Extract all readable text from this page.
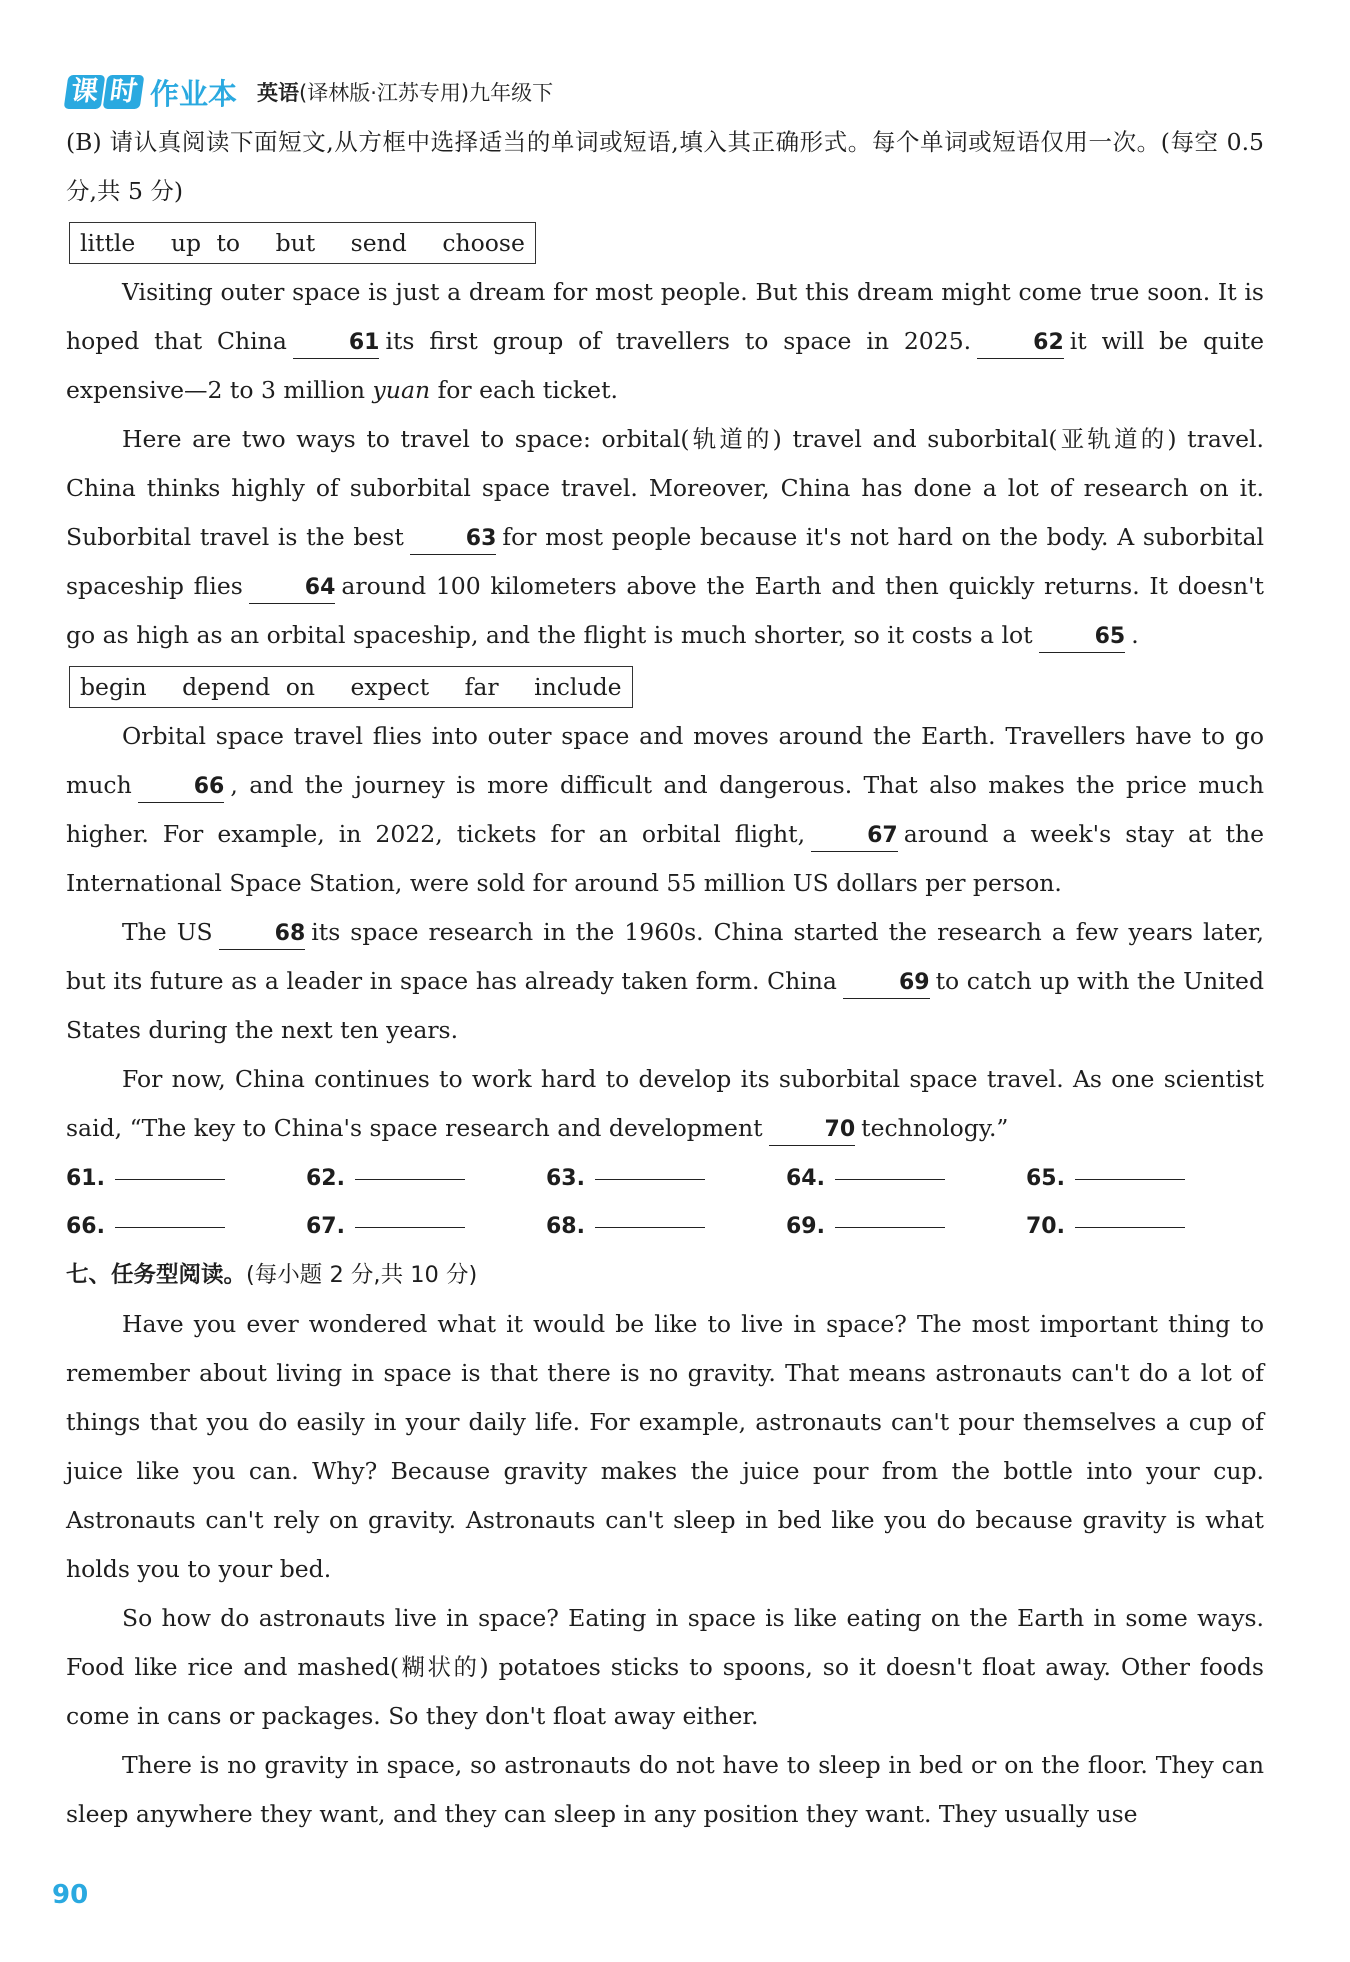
课 时 作业本 英语(译林版·江苏专用)九年级下

(B) 请认真阅读下面短文,从方框中选择适当的单词或短语,填入其正确形式。每个单词或短语仅用一次。(每空 0.5 分,共 5 分)

little up to but send choose

Visiting outer space is just a dream for most people. But this dream might come true soon. It is hoped that China	61 its first group of travellers to space in 2025.	62 it will be quite expensive—2 to 3 million yuan for each ticket.

Here are two ways to travel to space: orbital(轨道的) travel and suborbital(亚轨道的) travel. China thinks highly of suborbital space travel. Moreover, China has done a lot of research on it. Suborbital travel is the best	63 for most people because it's not hard on the body. A suborbital spaceship flies	64 around 100 kilometers above the Earth and then quickly returns. It doesn't go as high as an orbital spaceship, and the flight is much shorter, so it costs a lot	65 .

begin depend on expect far include

Orbital space travel flies into outer space and moves around the Earth. Travellers have to go much	66 , and the journey is more difficult and dangerous. That also makes the price much higher. For example, in 2022, tickets for an orbital flight,	67 around a week's stay at the International Space Station, were sold for around 55 million US dollars per person.

The US	68 its space research in the 1960s. China started the research a few years later, but its future as a leader in space has already taken form. China	69 to catch up with the United States during the next ten years.

For now, China continues to work hard to develop its suborbital space travel. As one scientist said, “The key to China's space research and development	70 technology.”

61.	62.	63.	64.	65.
66.	67.	68.	69.	70.

七、任务型阅读。(每小题 2 分,共 10 分)

Have you ever wondered what it would be like to live in space? The most important thing to remember about living in space is that there is no gravity. That means astronauts can't do a lot of things that you do easily in your daily life. For example, astronauts can't pour themselves a cup of juice like you can. Why? Because gravity makes the juice pour from the bottle into your cup. Astronauts can't rely on gravity. Astronauts can't sleep in bed like you do because gravity is what holds you to your bed.

So how do astronauts live in space? Eating in space is like eating on the Earth in some ways. Food like rice and mashed(糊状的) potatoes sticks to spoons, so it doesn't float away. Other foods come in cans or packages. So they don't float away either.

There is no gravity in space, so astronauts do not have to sleep in bed or on the floor. They can sleep anywhere they want, and they can sleep in any position they want. They usually use

90
